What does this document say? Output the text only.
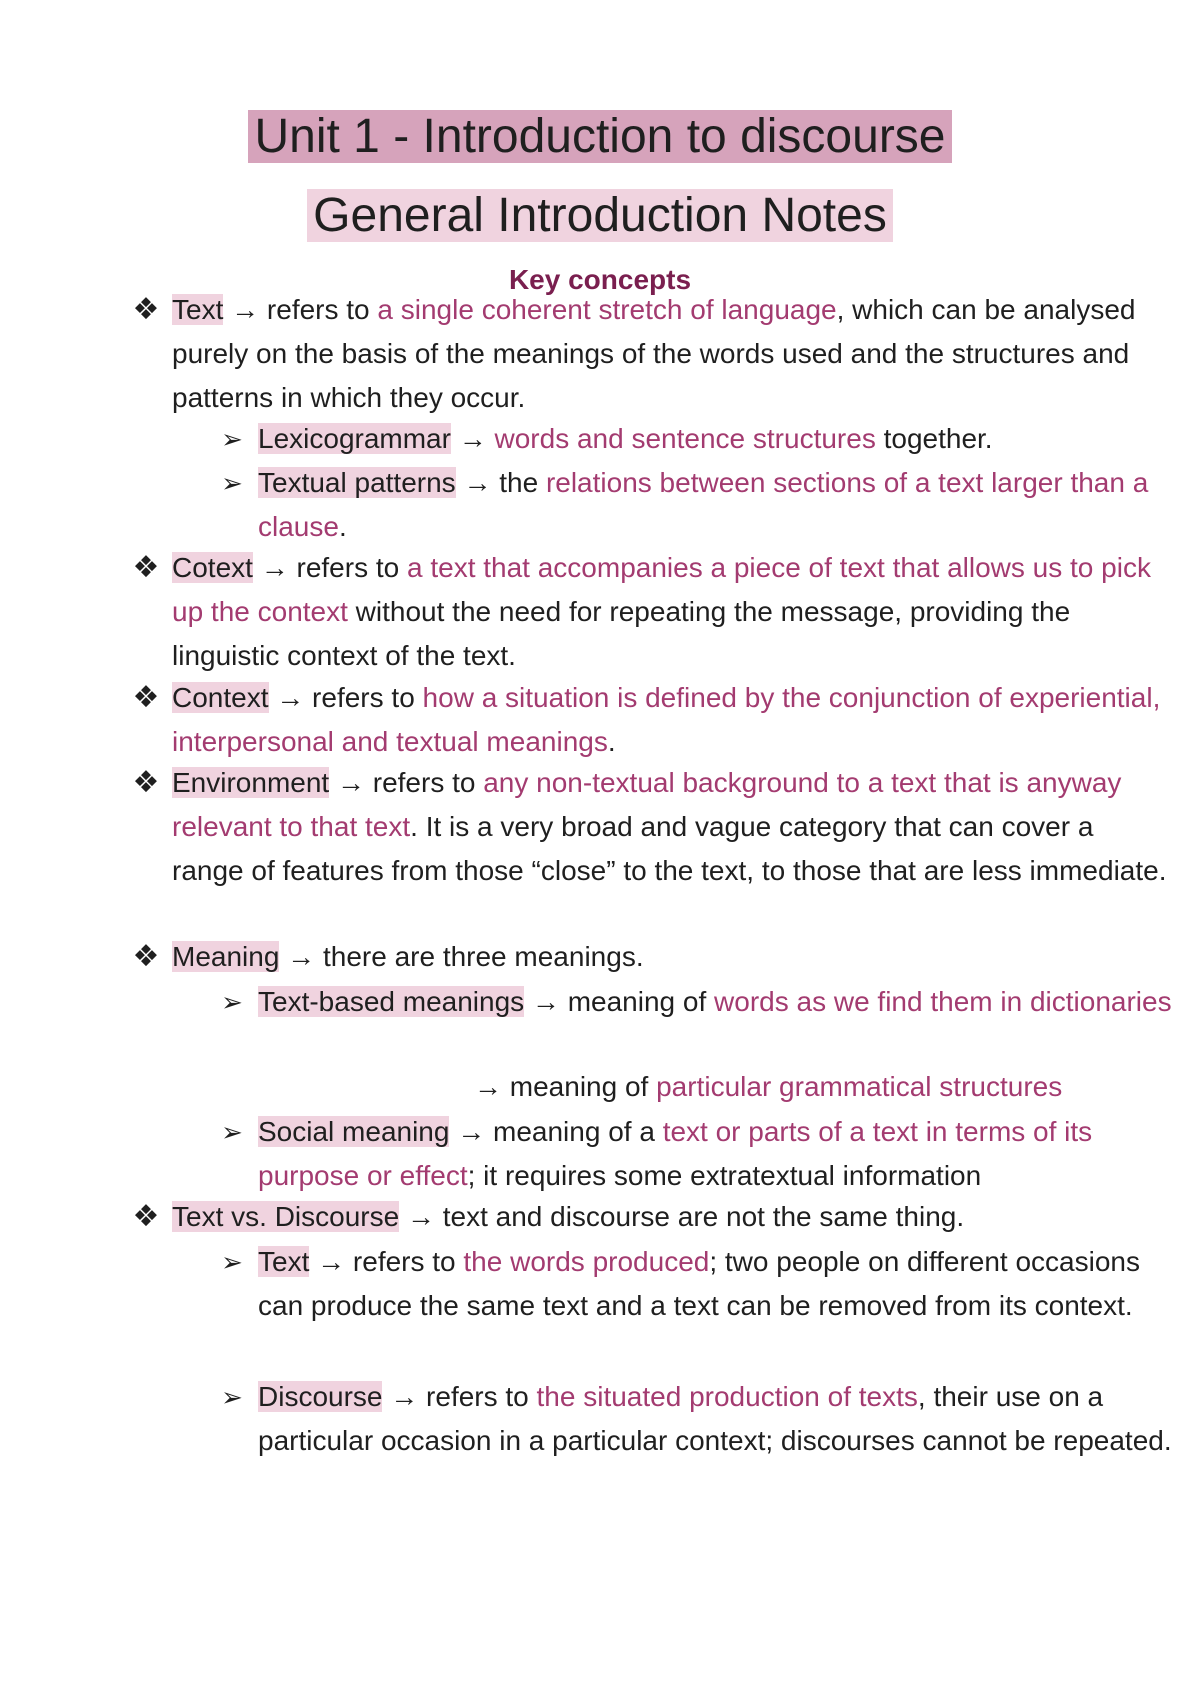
Unit 1 - Introduction to discourse
General Introduction Notes
Key concepts
❖ Text → refers to a single coherent stretch of language, which can be analysed purely on the basis of the meanings of the words used and the structures and patterns in which they occur.

➢ Lexicogrammar → words and sentence structures together.

➢ Textual patterns → the relations between sections of a text larger than a clause.

❖ Cotext → refers to a text that accompanies a piece of text that allows us to pick up the context without the need for repeating the message, providing the linguistic context of the text.

❖ Context → refers to how a situation is defined by the conjunction of experiential, interpersonal and textual meanings.

❖ Environment → refers to any non-textual background to a text that is anyway relevant to that text. It is a very broad and vague category that can cover a range of features from those “close” to the text, to those that are less immediate.

❖ Meaning → there are three meanings.

➢ Text-based meanings → meaning of words as we find them in dictionaries

→ meaning of particular grammatical structures

➢ Social meaning → meaning of a text or parts of a text in terms of its purpose or effect; it requires some extratextual information

❖ Text vs. Discourse → text and discourse are not the same thing.

➢ Text → refers to the words produced; two people on different occasions can produce the same text and a text can be removed from its context.

➢ Discourse → refers to the situated production of texts, their use on a particular occasion in a particular context; discourses cannot be repeated.
